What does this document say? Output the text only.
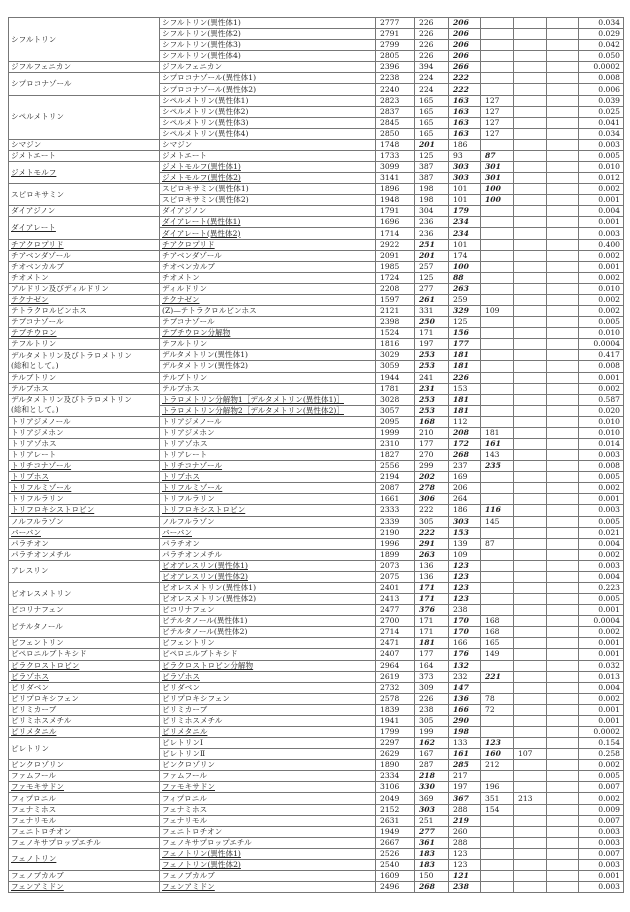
シフルトリン	シフルトリン(異性体1)	2777	226	206				0.034
	シフルトリン(異性体2)	2791	226	206				0.029
	シフルトリン(異性体3)	2799	226	206				0.042
	シフルトリン(異性体4)	2805	226	206				0.050
ジフルフェニカン	ジフルフェニカン	2396	394	266				0.0002
シプロコナゾール	シプロコナゾール(異性体1)	2238	224	222				0.008
	シプロコナゾール(異性体2)	2240	224	222				0.006
シペルメトリン	シペルメトリン(異性体1)	2823	165	163	127			0.039
	シペルメトリン(異性体2)	2837	165	163	127			0.025
	シペルメトリン(異性体3)	2845	165	163	127			0.041
	シペルメトリン(異性体4)	2850	165	163	127			0.034
シマジン	シマジン	1748	201	186				0.003
ジメトエート	ジメトエート	1733	125	93	87			0.005
ジメトモルフ	ジメトモルフ(異性体1)	3099	387	303	301			0.010
	ジメトモルフ(異性体2)	3141	387	303	301			0.012
スピロキサミン	スピロキサミン(異性体1)	1896	198	101	100			0.002
	スピロキサミン(異性体2)	1948	198	101	100			0.001
ダイアジノン	ダイアジノン	1791	304	179				0.004
ダイアレート	ダイアレート(異性体1)	1696	236	234				0.001
	ダイアレート(異性体2)	1714	236	234				0.003
チアクロプリド	チアクロプリド	2922	251	101				0.400
チアベンダゾール	チアベンダゾール	2091	201	174				0.002
チオベンカルブ	チオベンカルブ	1985	257	100				0.001
チオメトン	チオメトン	1724	125	88				0.002
アルドリン及びディルドリン	ディルドリン	2208	277	263				0.010
テクナゼン	テクナゼン	1597	261	259				0.002
テトラクロルビンホス	(Z)—テトラクロルビンホス	2121	331	329	109			0.002
テブコナゾール	テブコナゾール	2398	250	125				0.005
テブチウロン	テブチウロン分解物	1524	171	156				0.010
テフルトリン	テフルトリン	1816	197	177				0.0004
デルタメトリン及びトラロメトリン
(総和として。)	デルタメトリン(異性体1)	3029	253	181				0.417
	デルタメトリン(異性体2)	3059	253	181				0.008
テルブトリン	テルブトリン	1944	241	226				0.001
テルブホス	テルブホス	1781	231	153				0.002
デルタメトリン及びトラロメトリン
(総和として。)	トラロメトリン分解物1［デルタメトリン(異性体1)］	3028	253	181				0.587
	トラロメトリン分解物2［デルタメトリン(異性体2)］	3057	253	181				0.020
トリアジメノール	トリアジメノール	2095	168	112				0.010
トリアジメホン	トリアジメホン	1999	210	208	181			0.010
トリアゾホス	トリアゾホス	2310	177	172	161			0.014
トリアレート	トリアレート	1827	270	268	143			0.003
トリチコナゾール	トリチコナゾール	2556	299	237	235			0.008
トリブホス	トリブホス	2194	202	169				0.005
トリフルミゾール	トリフルミゾール	2087	278	206				0.002
トリフルラリン	トリフルラリン	1661	306	264				0.001
トリフロキシストロビン	トリフロキシストロビン	2333	222	186	116			0.003
ノルフルラゾン	ノルフルラゾン	2339	305	303	145			0.005
バーバン	バーバン	2190	222	153				0.021
パラチオン	パラチオン	1996	291	139	87			0.004
パラチオンメチル	パラチオンメチル	1899	263	109				0.002
アレスリン	ビオアレスリン(異性体1)	2073	136	123				0.003
	ビオアレスリン(異性体2)	2075	136	123				0.004
ビオレスメトリン	ビオレスメトリン(異性体1)	2401	171	123				0.223
	ビオレスメトリン(異性体2)	2413	171	123				0.005
ピコリナフェン	ピコリナフェン	2477	376	238				0.001
ビテルタノール	ビテルタノール(異性体1)	2700	171	170	168			0.0004
	ビテルタノール(異性体2)	2714	171	170	168			0.002
ビフェントリン	ビフェントリン	2471	181	166	165			0.001
ピペロニルブトキシド	ピペロニルブトキシド	2407	177	176	149			0.001
ピラクロストロビン	ピラクロストロビン分解物	2964	164	132				0.032
ピラゾホス	ピラゾホス	2619	373	232	221			0.013
ピリダベン	ピリダベン	2732	309	147				0.004
ピリプロキシフェン	ピリプロキシフェン	2578	226	136	78			0.002
ピリミカーブ	ピリミカーブ	1839	238	166	72			0.001
ピリミホスメチル	ピリミホスメチル	1941	305	290				0.001
ピリメタニル	ピリメタニル	1799	199	198				0.0002
ピレトリン	ピレトリンⅠ	2297	162	133	123			0.154
	ピレトリンⅡ	2629	167	161	160	107		0.258
ビンクロゾリン	ビンクロゾリン	1890	287	285	212			0.002
ファムフール	ファムフール	2334	218	217				0.005
ファモキサドン	ファモキサドン	3106	330	197	196			0.007
フィプロニル	フィプロニル	2049	369	367	351	213		0.002
フェナミホス	フェナミホス	2152	303	288	154			0.009
フェナリモル	フェナリモル	2631	251	219				0.007
フェニトロチオン	フェニトロチオン	1949	277	260				0.003
フェノキサプロップエチル	フェノキサプロップエチル	2667	361	288				0.003
フェノトリン	フェノトリン(異性体1)	2526	183	123				0.007
	フェノトリン(異性体2)	2540	183	123				0.003
フェノブカルブ	フェノブカルブ	1609	150	121				0.001
フェンアミドン	フェンアミドン	2496	268	238				0.003
